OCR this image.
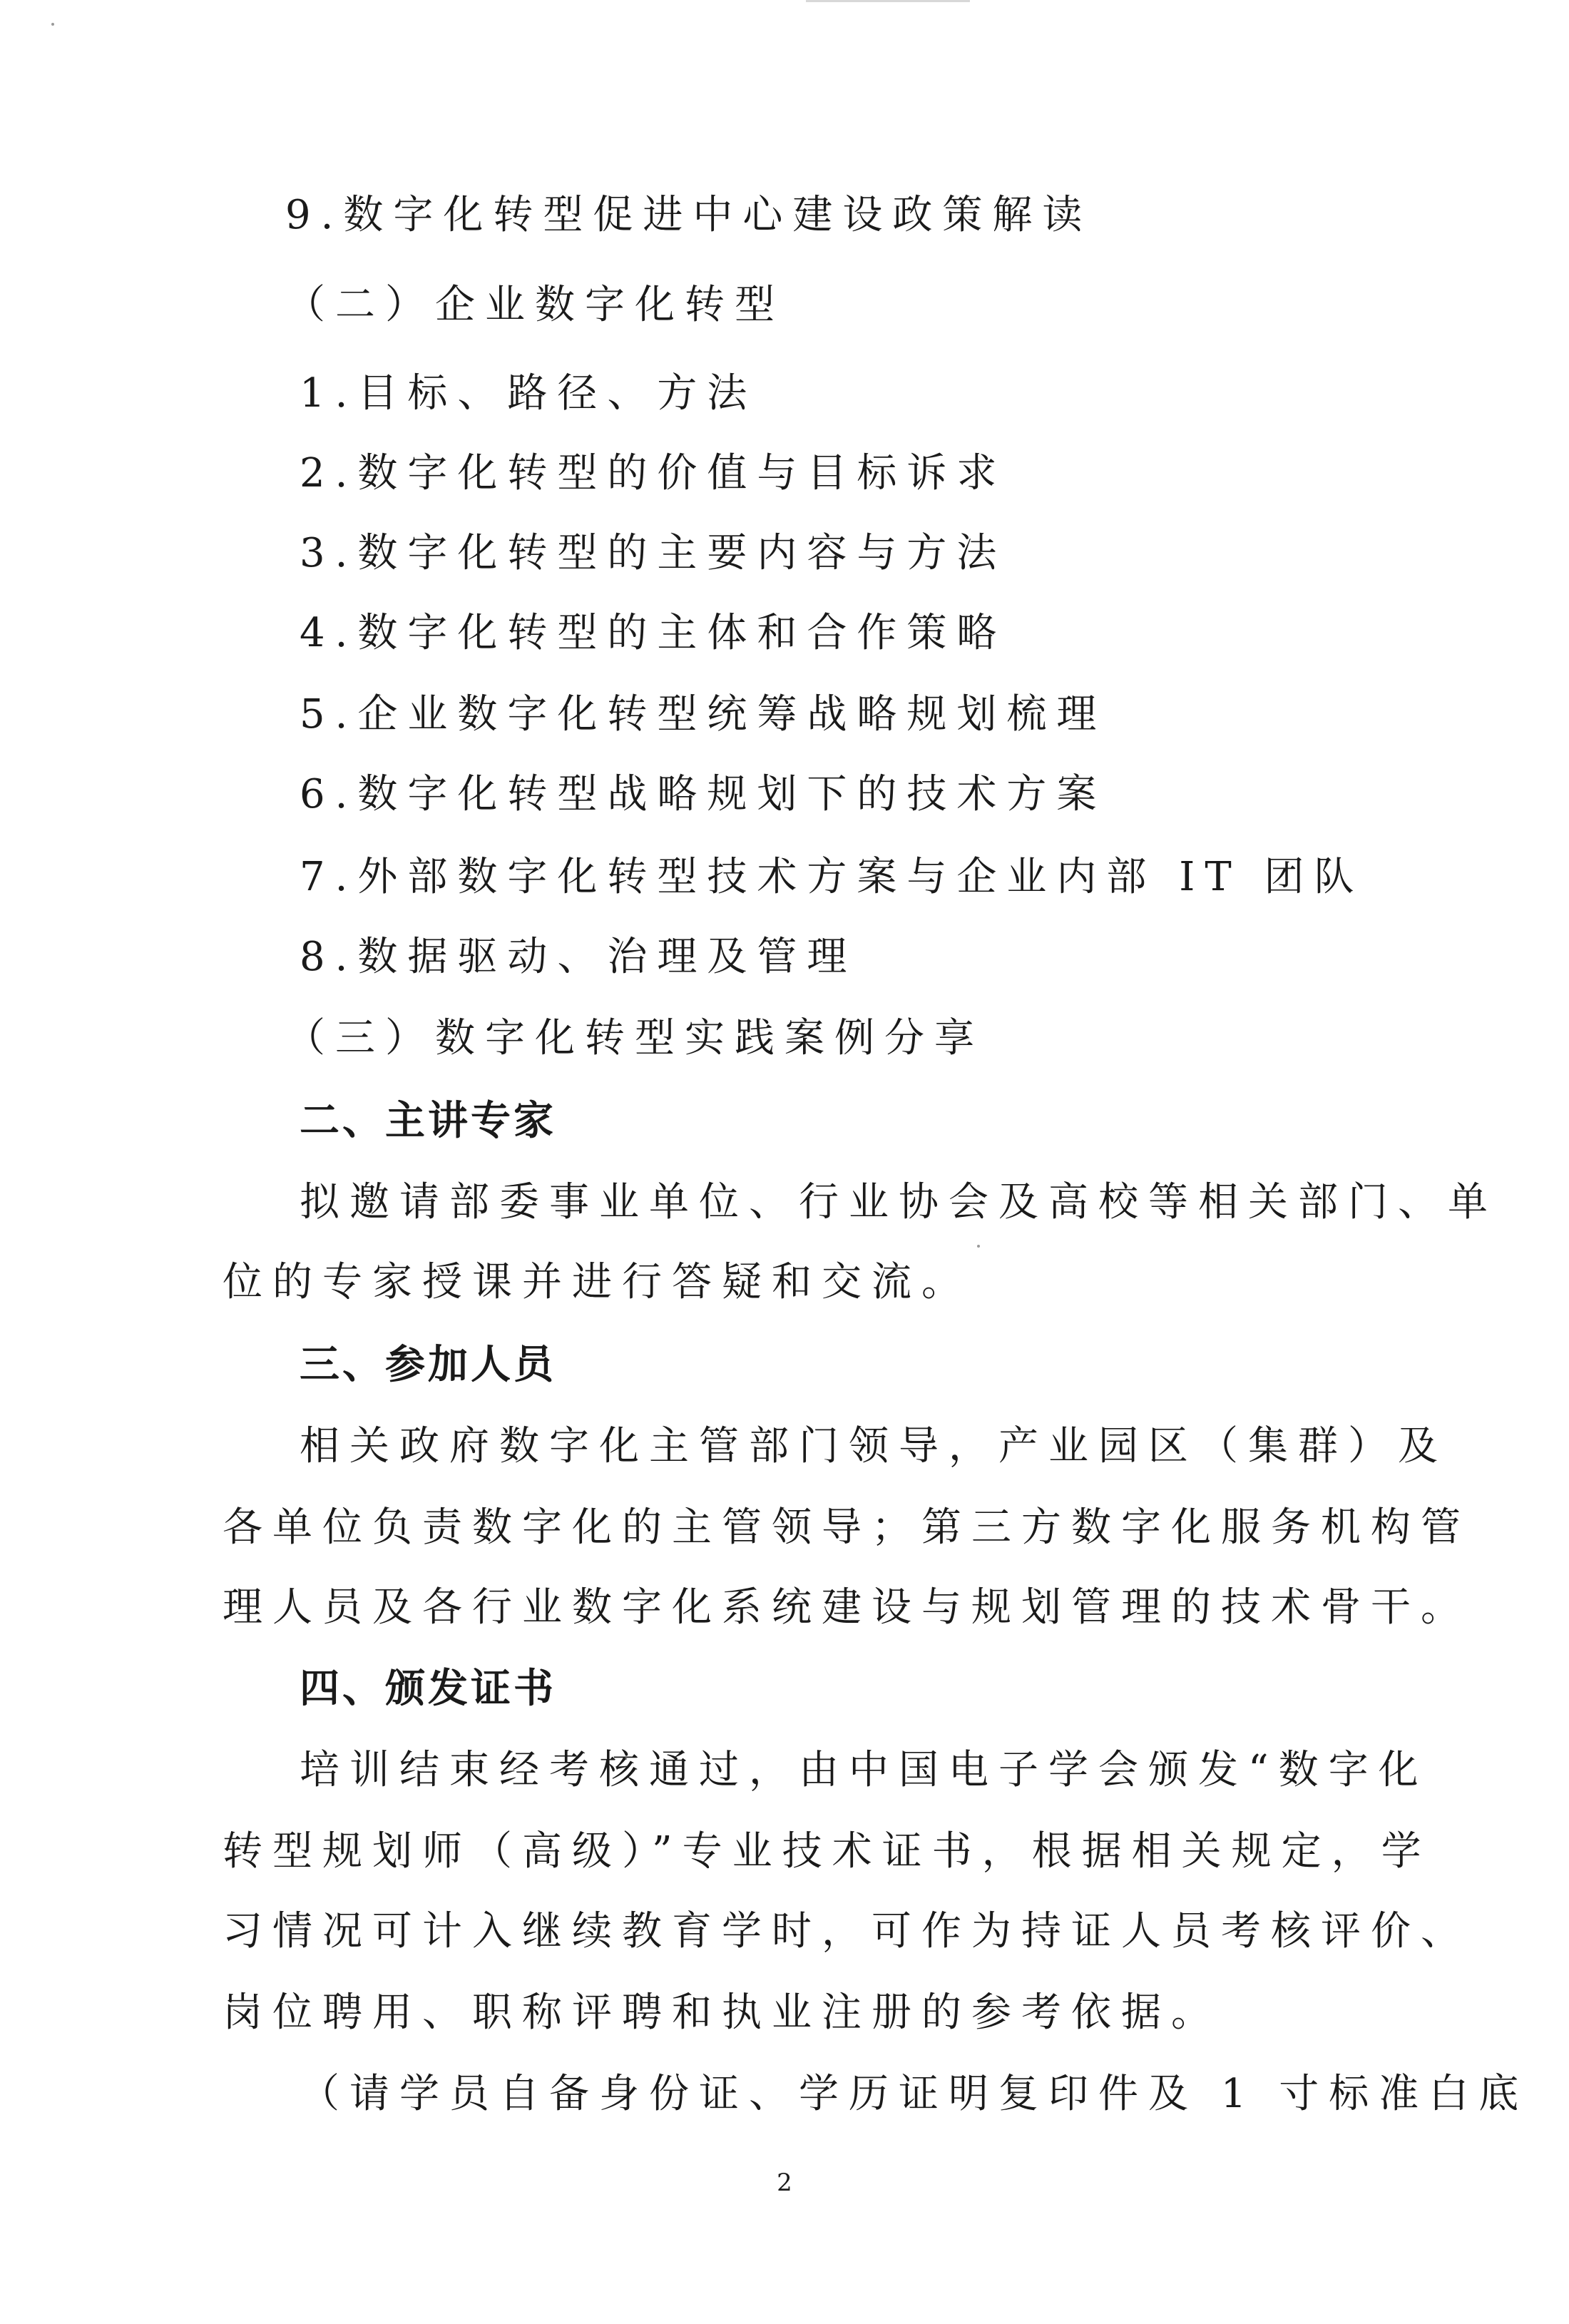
9.数字化转型促进中心建设政策解读
（二）企业数字化转型
1.目标、路径、方法
2.数字化转型的价值与目标诉求
3.数字化转型的主要内容与方法
4.数字化转型的主体和合作策略
5.企业数字化转型统筹战略规划梳理
6.数字化转型战略规划下的技术方案
7.外部数字化转型技术方案与企业内部 IT 团队
8.数据驱动、治理及管理
（三）数字化转型实践案例分享
二、主讲专家
拟邀请部委事业单位、行业协会及高校等相关部门、单
位的专家授课并进行答疑和交流。
三、参加人员
相关政府数字化主管部门领导，产业园区（集群）及
各单位负责数字化的主管领导；第三方数字化服务机构管
理人员及各行业数字化系统建设与规划管理的技术骨干。
四、颁发证书
培训结束经考核通过，由中国电子学会颁发“数字化
转型规划师（高级）”专业技术证书，根据相关规定，学
习情况可计入继续教育学时，可作为持证人员考核评价、
岗位聘用、职称评聘和执业注册的参考依据。
（请学员自备身份证、学历证明复印件及 1 寸标准白底
2
